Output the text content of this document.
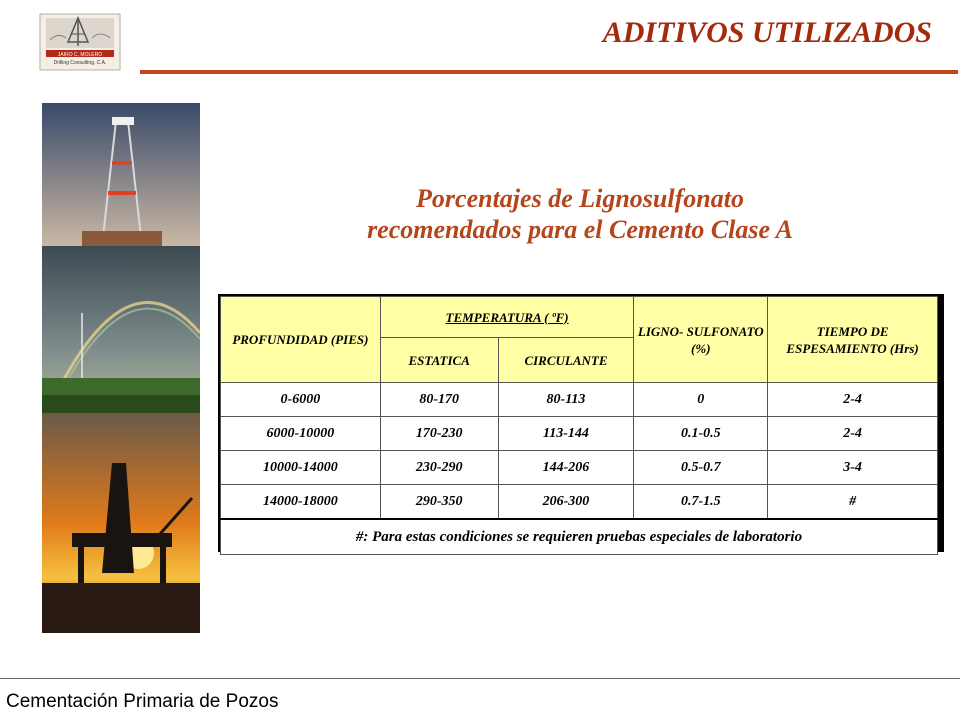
JAIRO C. MOLERO
Drilling Consulting, C.A.
ADITIVOS UTILIZADOS
Porcentajes de Lignosulfonato
recomendados para el Cemento Clase A
PROFUNDIDAD (PIES)	TEMPERATURA ( ºF)		LIGNO- SULFONATO (%)	TIEMPO DE ESPESAMIENTO (Hrs)
	ESTATICA	CIRCULANTE		
0-6000	80-170	80-113	0	2-4
6000-10000	170-230	113-144	0.1-0.5	2-4
10000-14000	230-290	144-206	0.5-0.7	3-4
14000-18000	290-350	206-300	0.7-1.5	#
#: Para estas condiciones se requieren pruebas especiales de laboratorio				

Cementación Primaria de Pozos
